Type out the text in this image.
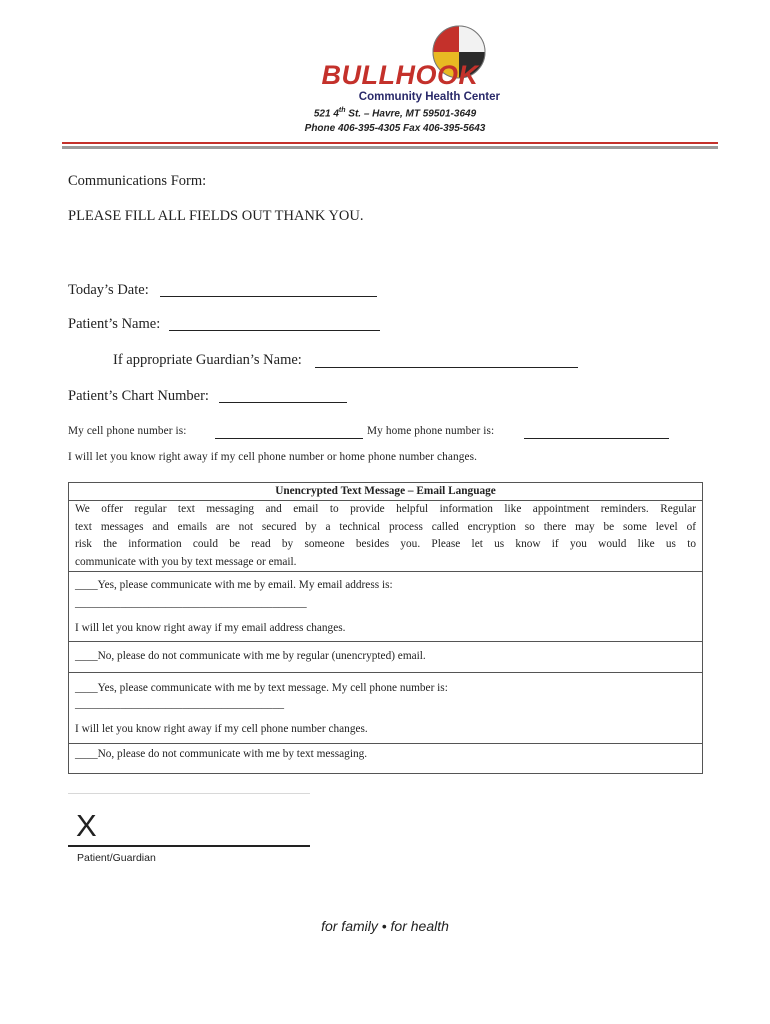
BULLHOOK
Community Health Center
521 4th St. – Havre, MT 59501-3649
Phone 406-395-4305 Fax 406-395-5643
Communications Form:
PLEASE FILL ALL FIELDS OUT THANK YOU.
Today’s Date:
Patient’s Name:
If appropriate Guardian’s Name:
Patient’s Chart Number:
My cell phone number is:	My home phone number is:
I will let you know right away if my cell phone number or home phone number changes.
Unencrypted Text Message – Email Language
We offer regular text messaging and email to provide helpful information like appointment reminders. Regular
text messages and emails are not secured by a technical process called encryption so there may be some level of
risk the information could be read by someone besides you. Please let us know if you would like us to
communicate with you by text message or email.
____Yes, please communicate with me by email. My email address is:
_________________________________________
I will let you know right away if my email address changes.
____No, please do not communicate with me by regular (unencrypted) email.
____Yes, please communicate with me by text message. My cell phone number is:
_____________________________________
I will let you know right away if my cell phone number changes.
____No, please do not communicate with me by text messaging.
X
Patient/Guardian
for family • for health
